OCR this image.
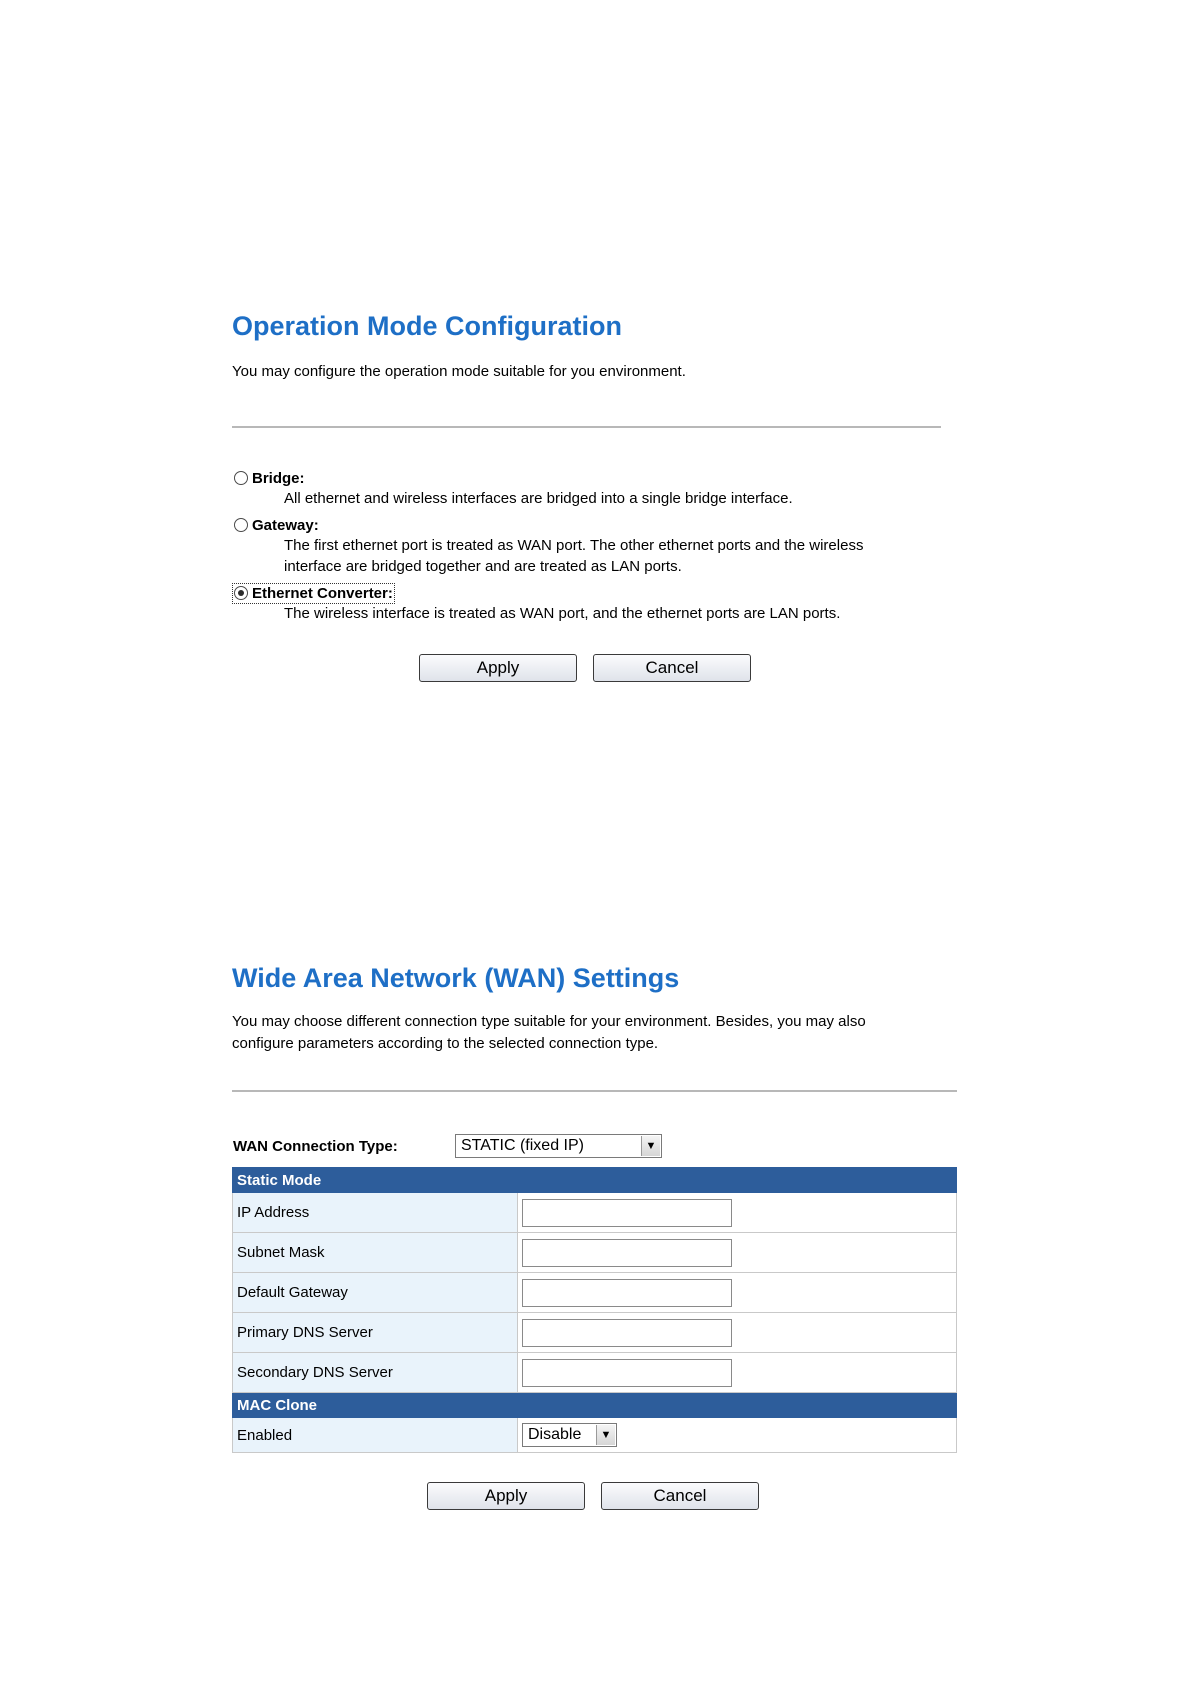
Operation Mode Configuration
You may configure the operation mode suitable for you environment.
Bridge:
All ethernet and wireless interfaces are bridged into a single bridge interface.
Gateway:
The first ethernet port is treated as WAN port. The other ethernet ports and the wireless
interface are bridged together and are treated as LAN ports.
Ethernet Converter:
The wireless interface is treated as WAN port, and the ethernet ports are LAN ports.
Apply	Cancel
Wide Area Network (WAN) Settings
You may choose different connection type suitable for your environment. Besides, you may also
configure parameters according to the selected connection type.
WAN Connection Type:	STATIC (fixed IP)	▼
Static Mode	
IP Address	
Subnet Mask	
Default Gateway	
Primary DNS Server	
Secondary DNS Server	
MAC Clone	
Enabled	Disable ▼
Apply	Cancel
